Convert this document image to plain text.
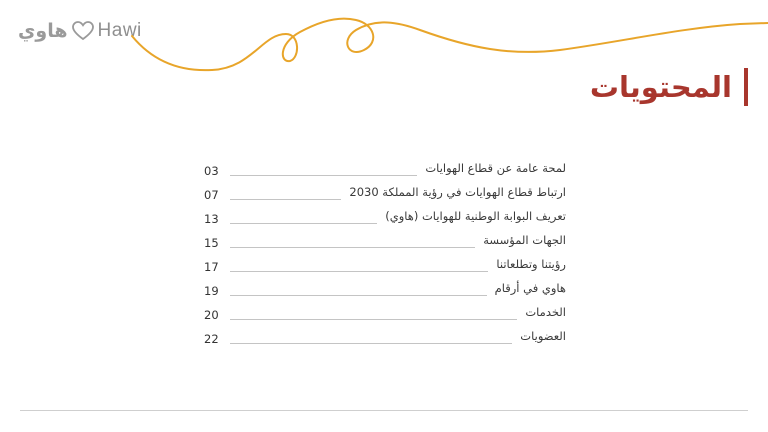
هاوي Hawi
المحتويات
03	لمحة عامة عن قطاع الهوايات
07	ارتباط قطاع الهوايات في رؤية المملكة 2030
13	تعريف البوابة الوطنية للهوايات (هاوي)
15	الجهات المؤسسة
17	رؤيتنا وتطلعاتنا
19	هاوي في أرقام
20	الخدمات
22	العضويات
